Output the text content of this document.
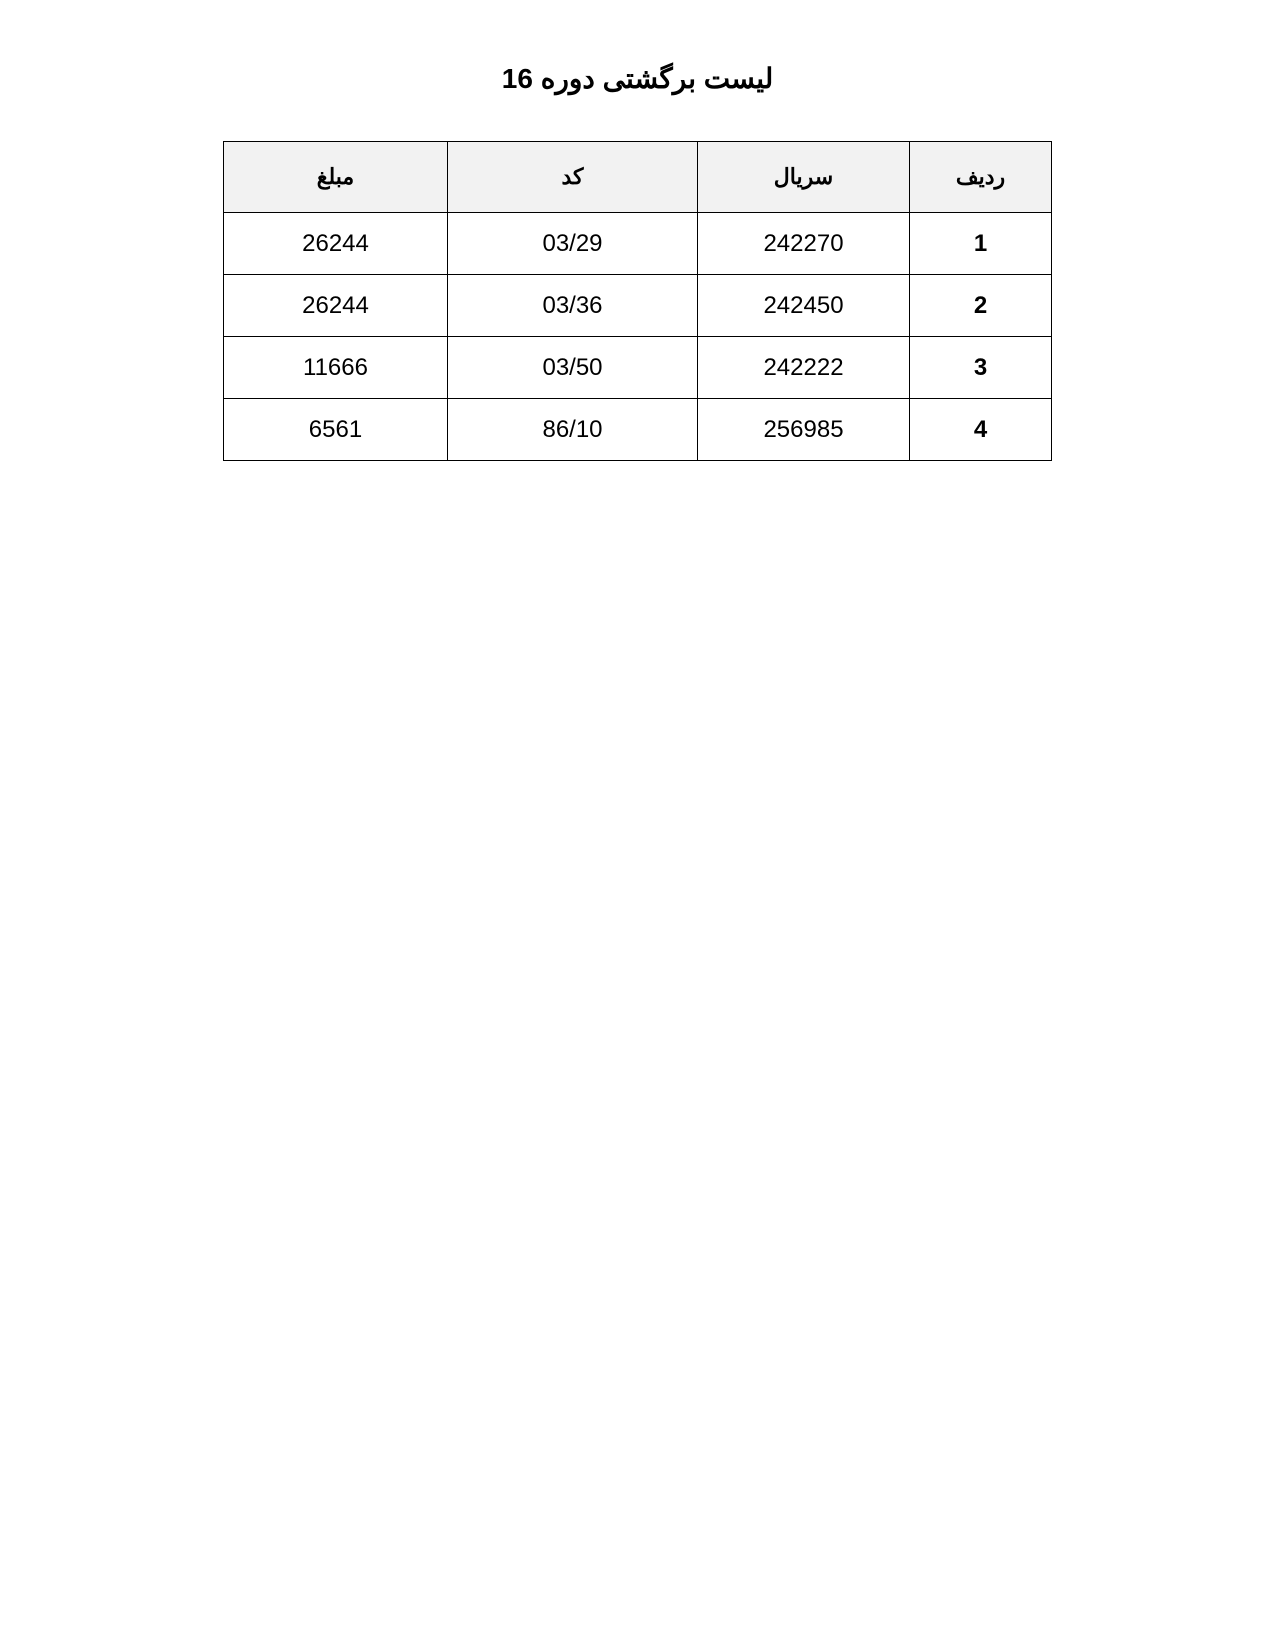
لیست برگشتی دوره 16
ردیف	سریال	کد	مبلغ
1	242270	03/29	26244
2	242450	03/36	26244
3	242222	03/50	11666
4	256985	86/10	6561
